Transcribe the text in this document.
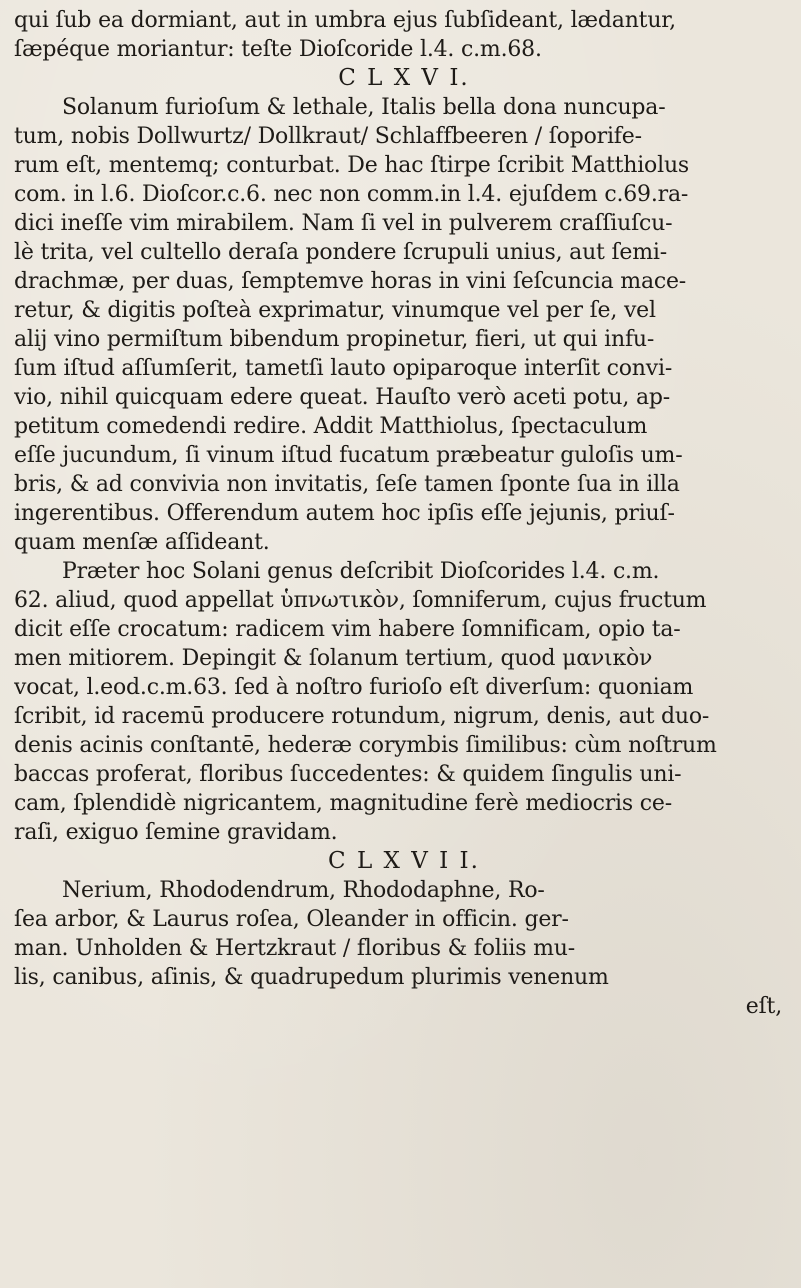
qui ſub ea dormiant, aut in umbra ejus ſubſideant, lædantur,
ſæpéque moriantur: teſte Dioſcoride l.4. c.m.68.
C L X V I.
Solanum furioſum & lethale, Italis bella dona nuncupa-
tum, nobis Dollwurtz/ Dollkraut/ Schlaffbeeren / ſoporife-
rum eſt, mentemq; conturbat. De hac ſtirpe ſcribit Matthiolus
com. in l.6. Dioſcor.c.6. nec non comm.in l.4. ejuſdem c.69.ra-
dici ineſſe vim mirabilem. Nam ſi vel in pulverem craſſiuſcu-
lè trita, vel cultello deraſa pondere ſcrupuli unius, aut ſemi-
drachmæ, per duas, ſemptemve horas in vini ſeſcuncia mace-
retur, & digitis poſteà exprimatur, vinumque vel per ſe, vel
alij vino permiſtum bibendum propinetur, fieri, ut qui infu-
ſum iſtud aſſumſerit, tametſi lauto opiparoque interſit convi-
vio, nihil quicquam edere queat. Hauſto verò aceti potu, ap-
petitum comedendi redire. Addit Matthiolus, ſpectaculum
eſſe jucundum, ſi vinum iſtud fucatum præbeatur guloſis um-
bris, & ad convivia non invitatis, ſeſe tamen ſponte ſua in illa
ingerentibus. Offerendum autem hoc ipſis eſſe jejunis, priuſ-
quam menſæ aſſideant.
Præter hoc Solani genus deſcribit Dioſcorides l.4. c.m.
62. aliud, quod appellat ὑπνωτικὸν, ſomniferum, cujus fructum
dicit eſſe crocatum: radicem vim habere ſomnificam, opio ta-
men mitiorem. Depingit & ſolanum tertium, quod μανικὸν
vocat, l.eod.c.m.63. ſed à noſtro furioſo eſt diverſum: quoniam
ſcribit, id racemū producere rotundum, nigrum, denis, aut duo-
denis acinis conſtantē, hederæ corymbis ſimilibus: cùm noſtrum
baccas proferat, floribus ſuccedentes: & quidem ſingulis uni-
cam, ſplendidè nigricantem, magnitudine ferè mediocris ce-
raſi, exiguo ſemine gravidam.
C L X V I I.
Nerium, Rhododendrum, Rhododaphne, Ro-
ſea arbor, & Laurus roſea, Oleander in officin. ger-
man. Unholden & Hertzkraut / floribus & foliis mu-
lis, canibus, aſinis, & quadrupedum plurimis venenum
eſt,
